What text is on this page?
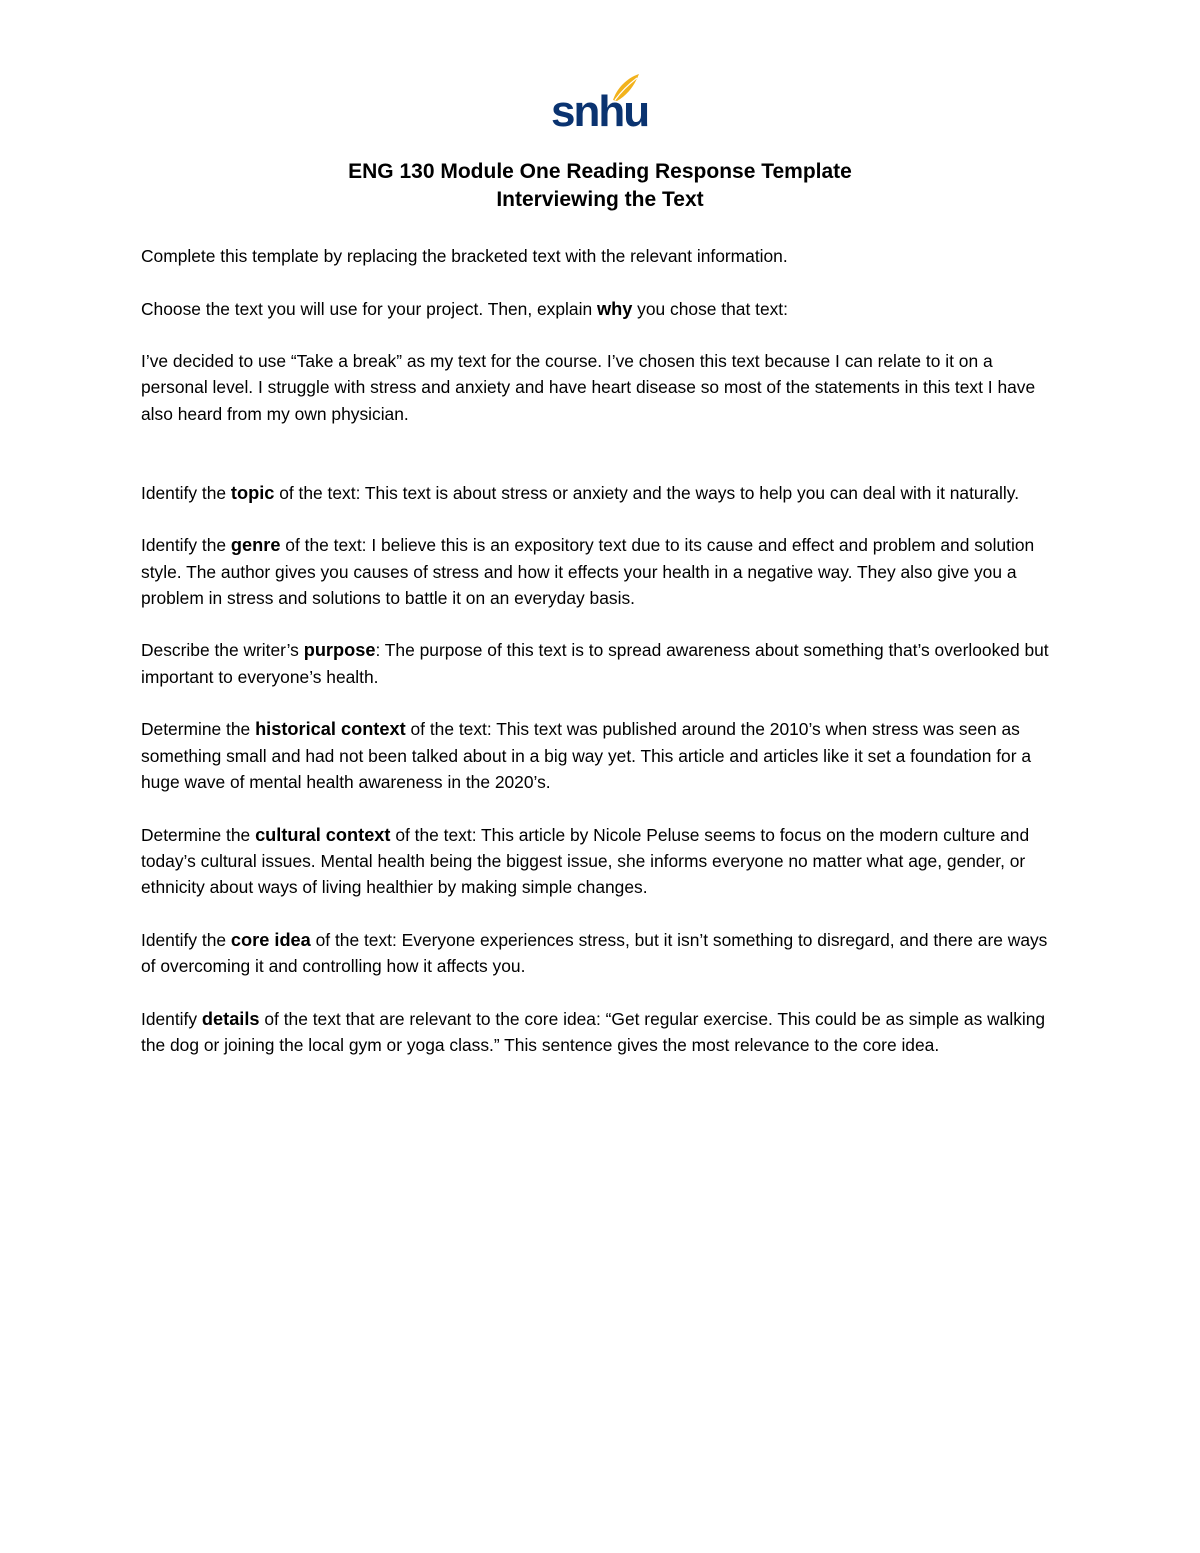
snhu
ENG 130 Module One Reading Response Template
Interviewing the Text

Complete this template by replacing the bracketed text with the relevant information.

Choose the text you will use for your project. Then, explain why you chose that text:

I’ve decided to use “Take a break” as my text for the course. I’ve chosen this text because I can relate to it on a personal level. I struggle with stress and anxiety and have heart disease so most of the statements in this text I have also heard from my own physician.

Identify the topic of the text: This text is about stress or anxiety and the ways to help you can deal with it naturally.

Identify the genre of the text: I believe this is an expository text due to its cause and effect and problem and solution style. The author gives you causes of stress and how it effects your health in a negative way. They also give you a problem in stress and solutions to battle it on an everyday basis.

Describe the writer’s purpose: The purpose of this text is to spread awareness about something that’s overlooked but important to everyone’s health.

Determine the historical context of the text: This text was published around the 2010’s when stress was seen as something small and had not been talked about in a big way yet. This article and articles like it set a foundation for a huge wave of mental health awareness in the 2020’s.

Determine the cultural context of the text: This article by Nicole Peluse seems to focus on the modern culture and today’s cultural issues. Mental health being the biggest issue, she informs everyone no matter what age, gender, or ethnicity about ways of living healthier by making simple changes.

Identify the core idea of the text: Everyone experiences stress, but it isn’t something to disregard, and there are ways of overcoming it and controlling how it affects you.

Identify details of the text that are relevant to the core idea: “Get regular exercise. This could be as simple as walking the dog or joining the local gym or yoga class.” This sentence gives the most relevance to the core idea.
